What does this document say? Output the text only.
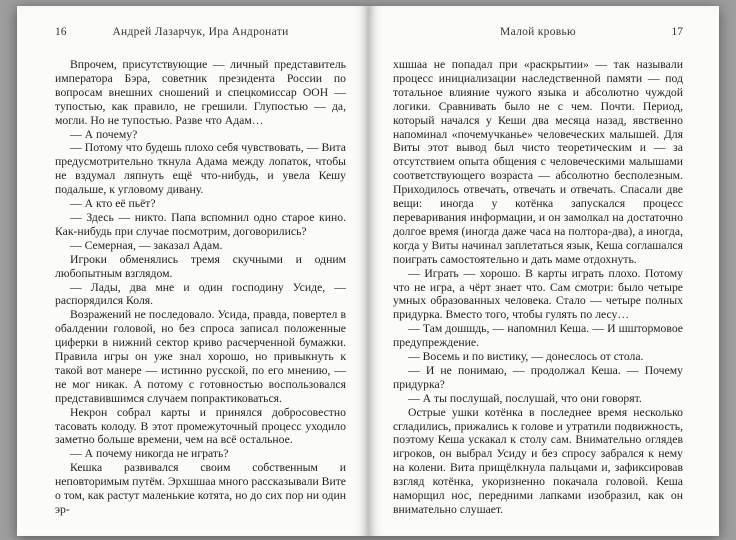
16	Андрей Лазарчук, Ира Андронати

Впрочем, присутствующие — личный представитель императора Бэра, советник президента России по вопросам внешних сношений и спецкомиссар ООН — тупостью, как правило, не грешили. Глупостью — да, могли. Но не тупостью. Разве что Адам…

— А почему?

— Потому что будешь плохо себя чувствовать, — Вита предусмотрительно ткнула Адама между лопаток, чтобы не вздумал ляпнуть ещё что-нибудь, и увела Кешу подальше, к угловому дивану.

— А кто её пьёт?

— Здесь — никто. Папа вспомнил одно старое кино. Как-нибудь при случае посмотрим, договорились?

— Семерная, — заказал Адам.

Игроки обменялись тремя скучными и одним любопытным взглядом.

— Лады, два мне и один господину Усиде, — распорядился Коля.

Возражений не последовало. Усида, правда, повертел в обалдении головой, но без спроса записал положенные циферки в нижний сектор криво расчерченной бумажки. Правила игры он уже знал хорошо, но привыкнуть к такой вот манере — истинно русской, по его мнению, — не мог никак. А потому с готовностью воспользовался представившимся случаем попрактиковаться.

Некрон собрал карты и принялся добросовестно тасовать колоду. В этот промежуточный процесс уходило заметно больше времени, чем на всё остальное.

— А почему никогда не играть?

Кешка развивался своим собственным и неповторимым путём. Эрхшшаа много рассказывали Вите о том, как растут маленькие котята, но до сих пор ни один эр-

Малой кровью	17

хшшаа не попадал при «раскрытии» — так называли процесс инициализации наследственной памяти — под тотальное влияние чужого языка и абсолютно чуждой логики. Сравнивать было не с чем. Почти. Период, который начался у Кеши два месяца назад, явственно напоминал «почемучканье» человеческих малышей. Для Виты этот вывод был чисто теоретическим и — за отсутствием опыта общения с человеческими малышами соответствующего возраста — абсолютно бесполезным. Приходилось отвечать, отвечать и отвечать. Спасали две вещи: иногда у котёнка запускался процесс переваривания информации, и он замолкал на достаточно долгое время (иногда даже часа на полтора-два), а иногда, когда у Виты начинал заплетаться язык, Кеша соглашался поиграть самостоятельно и дать маме отдохнуть.

— Играть — хорошо. В карты играть плохо. Потому что не игра, а чёрт знает что. Сам смотри: было четыре умных образованных человека. Стало — четыре полных придурка. Вместо того, чтобы гулять по лесу…

— Там дошшдь, — напомнил Кеша. — И шштормовое предупреждение.

— Восемь и по вистику, — донеслось от стола.

— И не понимаю, — продолжал Кеша. — Почему придурка?

— А ты послушай, послушай, что они говорят.

Острые ушки котёнка в последнее время несколько сгладились, прижались к голове и утратили подвижность, поэтому Кеша ускакал к столу сам. Внимательно оглядев игроков, он выбрал Усиду и без спросу забрался к нему на колени. Вита прищёлкнула пальцами и, зафиксировав взгляд котёнка, укоризненно покачала головой. Кеша наморщил нос, передними лапками изобразил, как он внимательно слушает.
